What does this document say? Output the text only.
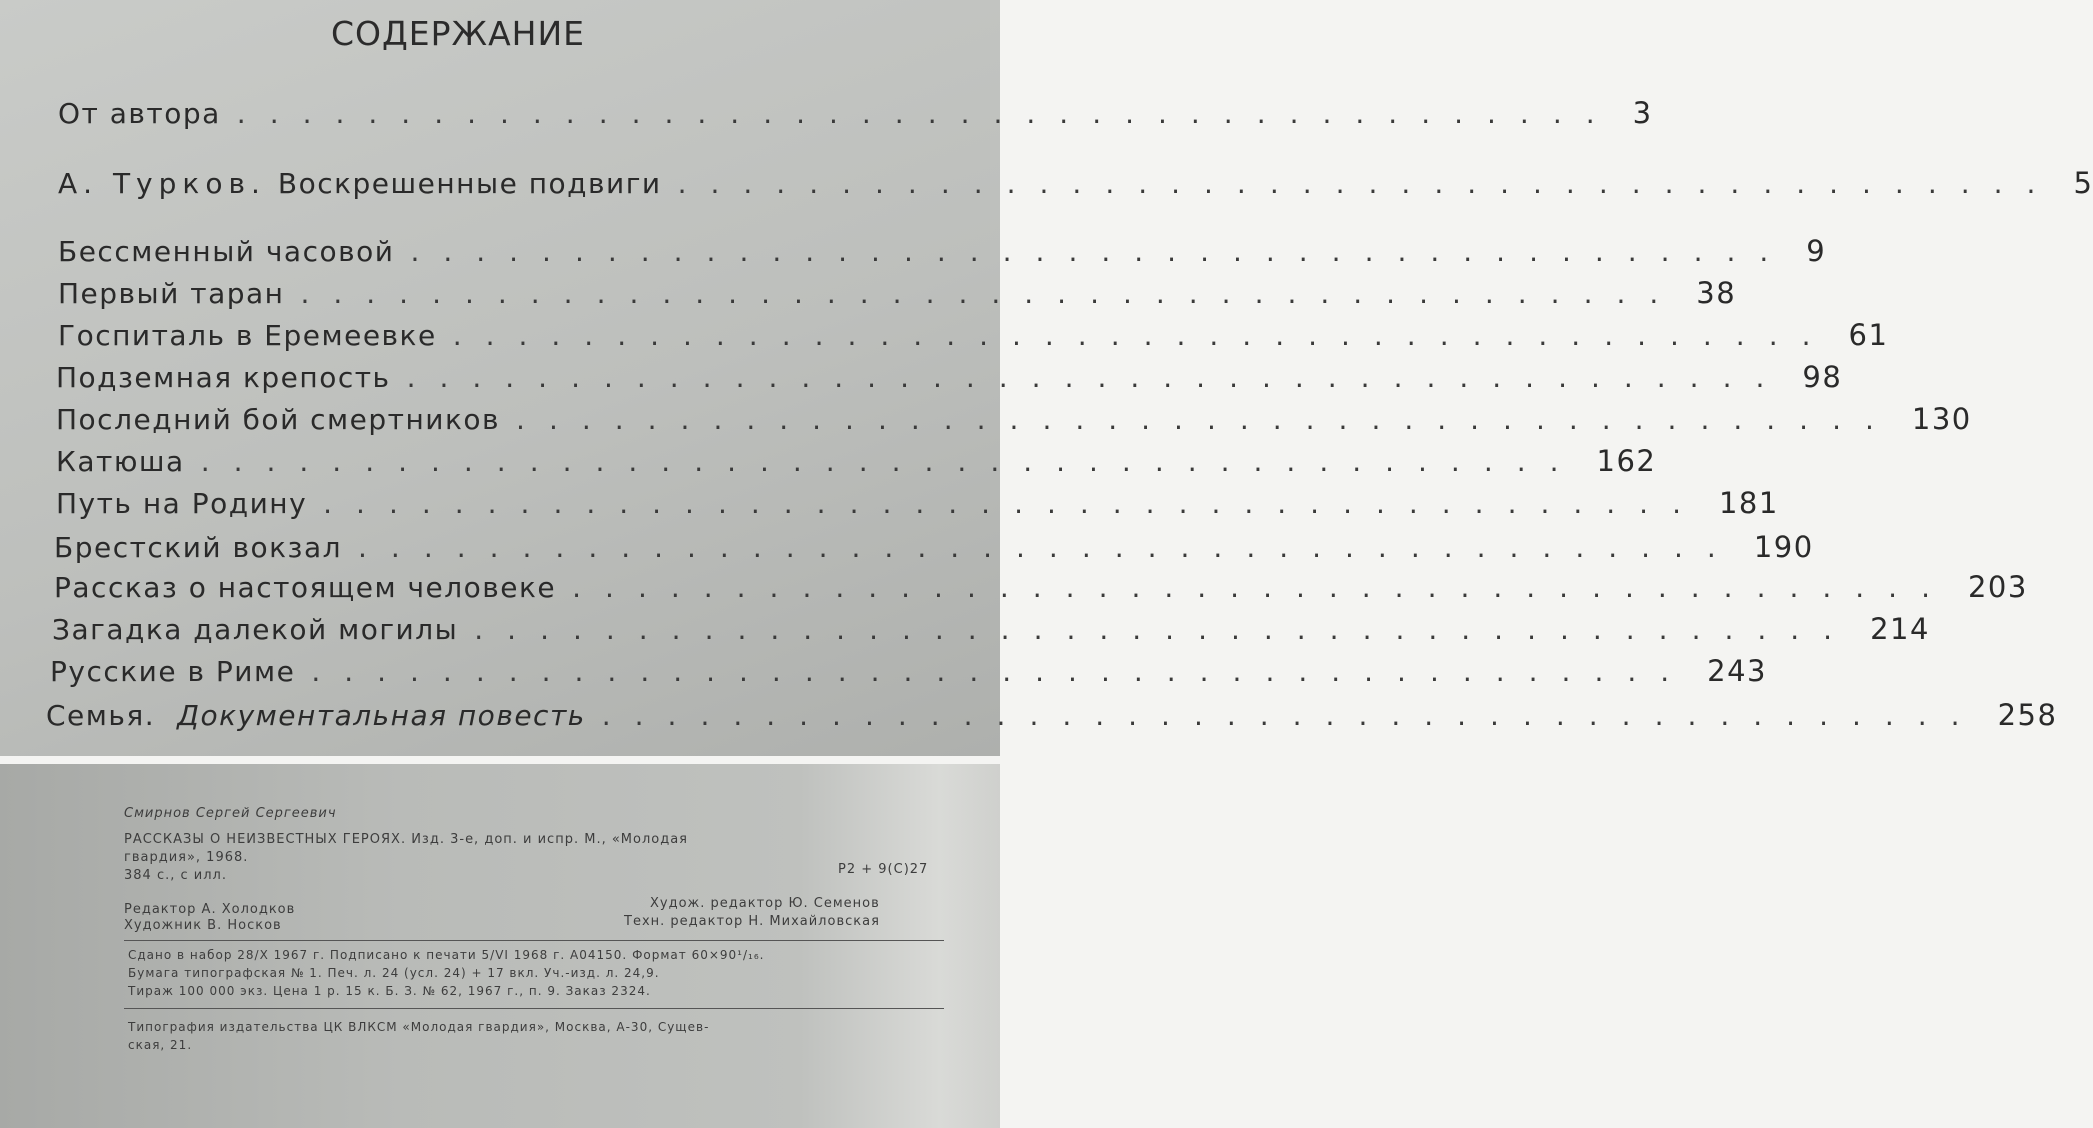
СОДЕРЖАНИЕ
От автора .......................................... 3
А. Турков. Воскрешенные подвиги .......................................... 5
Бессменный часовой .......................................... 9
Первый таран .......................................... 38
Госпиталь в Еремеевке .......................................... 61
Подземная крепость .......................................... 98
Последний бой смертников .......................................... 130
Катюша .......................................... 162
Путь на Родину .......................................... 181
Брестский вокзал .......................................... 190
Рассказ о настоящем человеке .......................................... 203
Загадка далекой могилы .......................................... 214
Русские в Риме .......................................... 243
Семья. Документальная повесть .......................................... 258
Смирнов Сергей Сергеевич
РАССКАЗЫ О НЕИЗВЕСТНЫХ ГЕРОЯХ. Изд. 3-е, доп. и испр. М., «Молодая
гвардия», 1968.
384 с., с илл.	Р2 + 9(С)27
Редактор А. Холодков	Худож. редактор Ю. Семенов
Художник В. Носков	Техн. редактор Н. Михайловская
Сдано в набор 28/X 1967 г. Подписано к печати 5/VI 1968 г. А04150. Формат 60×90¹/₁₆.
Бумага типографская № 1. Печ. л. 24 (усл. 24) + 17 вкл. Уч.-изд. л. 24,9.
Тираж 100 000 экз. Цена 1 р. 15 к. Б. З. № 62, 1967 г., п. 9. Заказ 2324.
Типография издательства ЦК ВЛКСМ «Молодая гвардия», Москва, А-30, Сущев-
ская, 21.
